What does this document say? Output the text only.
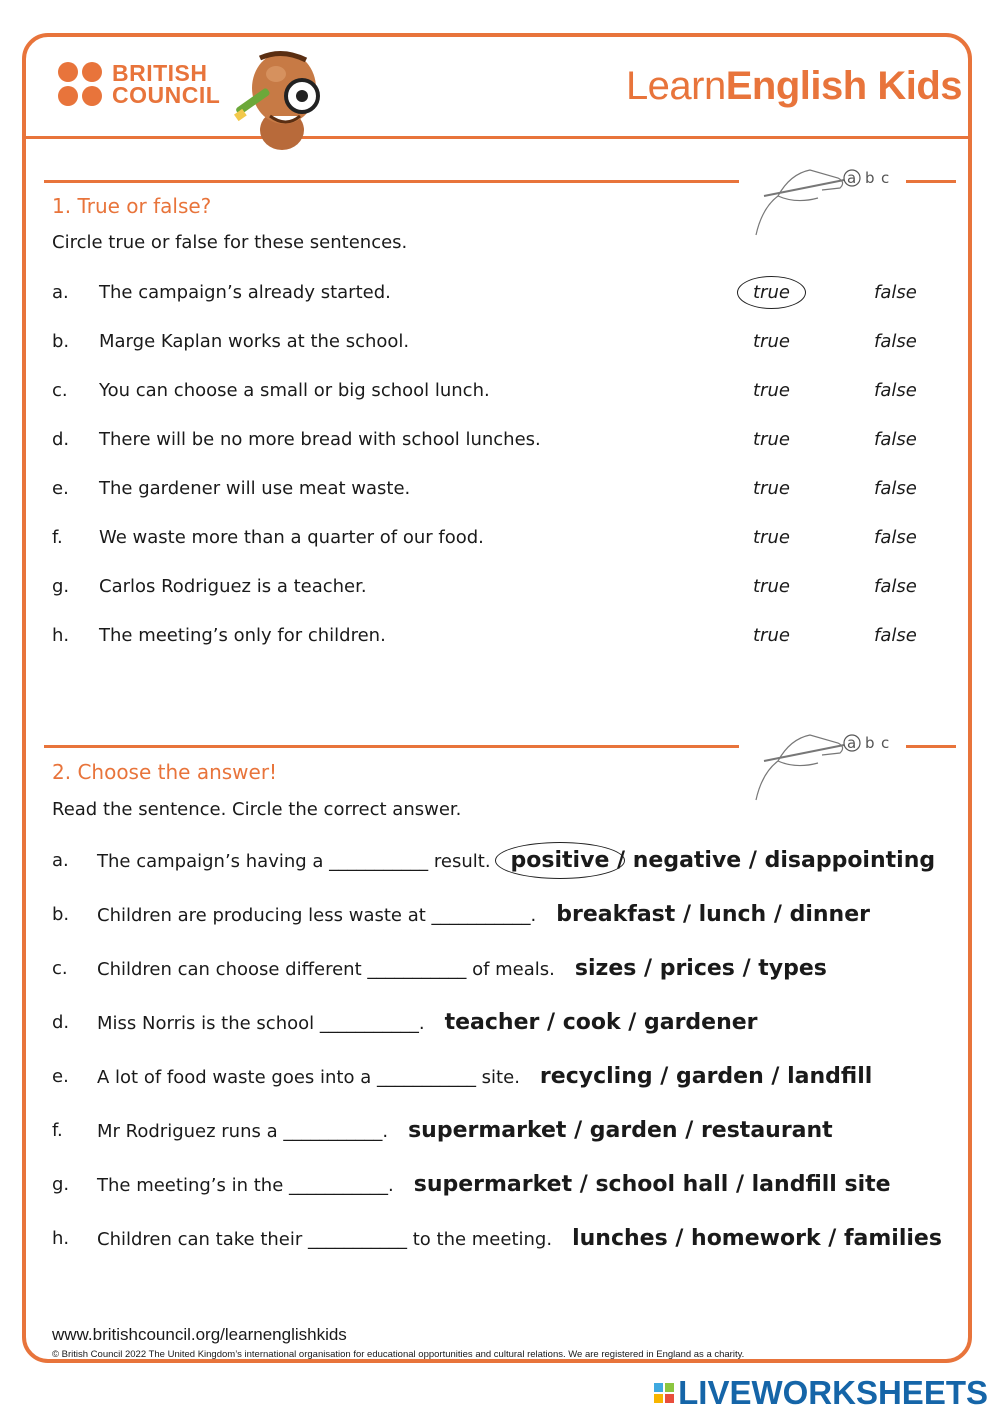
BRITISH
COUNCIL	LearnEnglish Kids
a b c
1. True or false?
Circle true or false for these sentences.
a. The campaign’s already started.	true	false
b. Marge Kaplan works at the school.	true	false
c. You can choose a small or big school lunch.	true	false
d. There will be no more bread with school lunches.	true	false
e. The gardener will use meat waste.	true	false
f. We waste more than a quarter of our food.	true	false
g. Carlos Rodriguez is a teacher.	true	false
h. The meeting’s only for children.	true	false
a b c
2. Choose the answer!
Read the sentence. Circle the correct answer.
a. The campaign’s having a ___________ result. positive / negative / disappointing
b. Children are producing less waste at ___________. breakfast / lunch / dinner
c. Children can choose different ___________ of meals. sizes / prices / types
d. Miss Norris is the school ___________. teacher / cook / gardener
e. A lot of food waste goes into a ___________ site. recycling / garden / landfill
f. Mr Rodriguez runs a ___________. supermarket / garden / restaurant
g. The meeting’s in the ___________. supermarket / school hall / landfill site
h. Children can take their ___________ to the meeting. lunches / homework / families
www.britishcouncil.org/learnenglishkids
© British Council 2022 The United Kingdom’s international organisation for educational opportunities and cultural relations. We are registered in England as a charity.
LIVEWORKSHEETS
